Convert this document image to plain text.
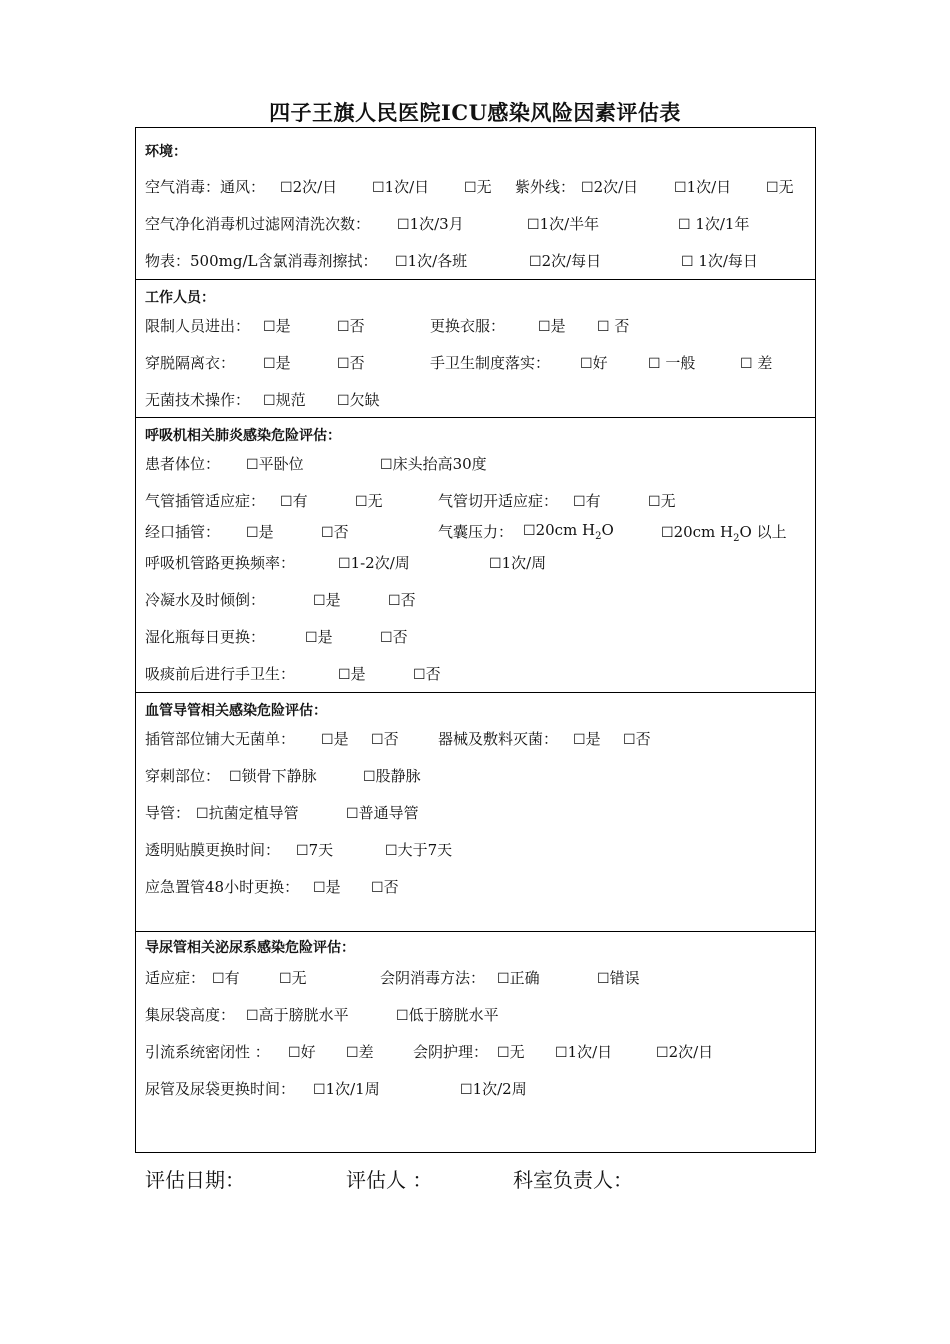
四子王旗人民医院ICU感染风险因素评估表
环境：
空气消毒：通风：	☐ 2次/日	☐ 1次/日	☐ 无 紫外线：	☐ 2次/日	☐ 1次/日	☐ 无
空气净化消毒机过滤网清洗次数：	☐ 1次/3月	☐ 1次/半年	☐ 1次/1年
物表：500mg/L含氯消毒剂擦拭：	☐ 1次/各班	☐ 2次/每日	☐ 1次/每日
工作人员：
限制人员进出：	☐ 是	☐ 否	更换衣服：	☐ 是	☐ 否
穿脱隔离衣：	☐ 是	☐ 否	手卫生制度落实：	☐ 好	☐ 一般	☐ 差
无菌技术操作：	☐ 规范	☐ 欠缺
呼吸机相关肺炎感染危险评估：
患者体位：	☐ 平卧位	☐ 床头抬高30度
气管插管适应症：	☐ 有	☐ 无	气管切开适应症：	☐ 有	☐ 无
经口插管：	☐ 是	☐ 否	气囊压力：	☐ 20cm $H_2O$	☐ 20cm $H_2O$ 以上
呼吸机管路更换频率：	☐ 1-2次/周	☐ 1次/周
冷凝水及时倾倒：	☐ 是	☐ 否
湿化瓶每日更换：	☐ 是	☐ 否
吸痰前后进行手卫生：	☐ 是	☐ 否
血管导管相关感染危险评估：
插管部位铺大无菌单：	☐ 是	☐ 否	器械及敷料灭菌：	☐ 是	☐ 否
穿刺部位：	☐ 锁骨下静脉	☐ 股静脉
导管：	☐ 抗菌定植导管	☐ 普通导管
透明贴膜更换时间：	☐ 7天	☐ 大于7天
应急置管48小时更换：	☐ 是	☐ 否
导尿管相关泌尿系感染危险评估：
适应症：	☐ 有	☐ 无	会阴消毒方法：	☐ 正确	☐ 错误
集尿袋高度：	☐ 高于膀胱水平	☐ 低于膀胱水平
引流系统密闭性 ：	☐ 好	☐ 差	会阴护理：	☐ 无	☐ 1次/日	☐ 2次/日
尿管及尿袋更换时间：	☐ 1次/1周	☐ 1次/2周
评估日期：	评估人 ：	科室负责人：
